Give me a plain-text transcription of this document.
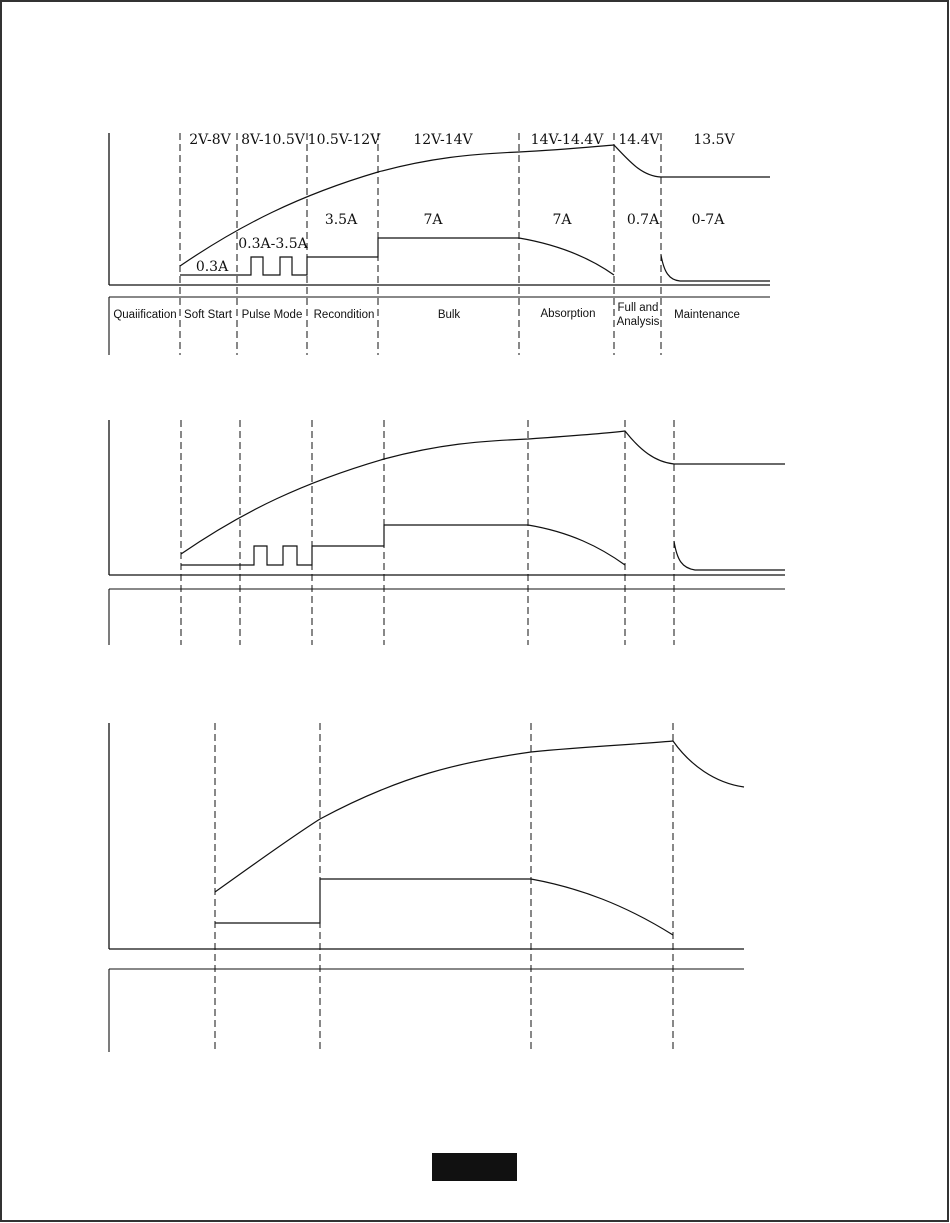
2V-8V 8V-10.5V 10.5V-12V 12V-14V	14V-14.4V 14.4V 13.5V
0.3A
0.3A-3.5A
3.5A	7A	7A	0.7A 0-7A
Quaiification Soft Start Pulse Mode Recondition	Bulk	Absorption Full and
Analysis
Maintenance
